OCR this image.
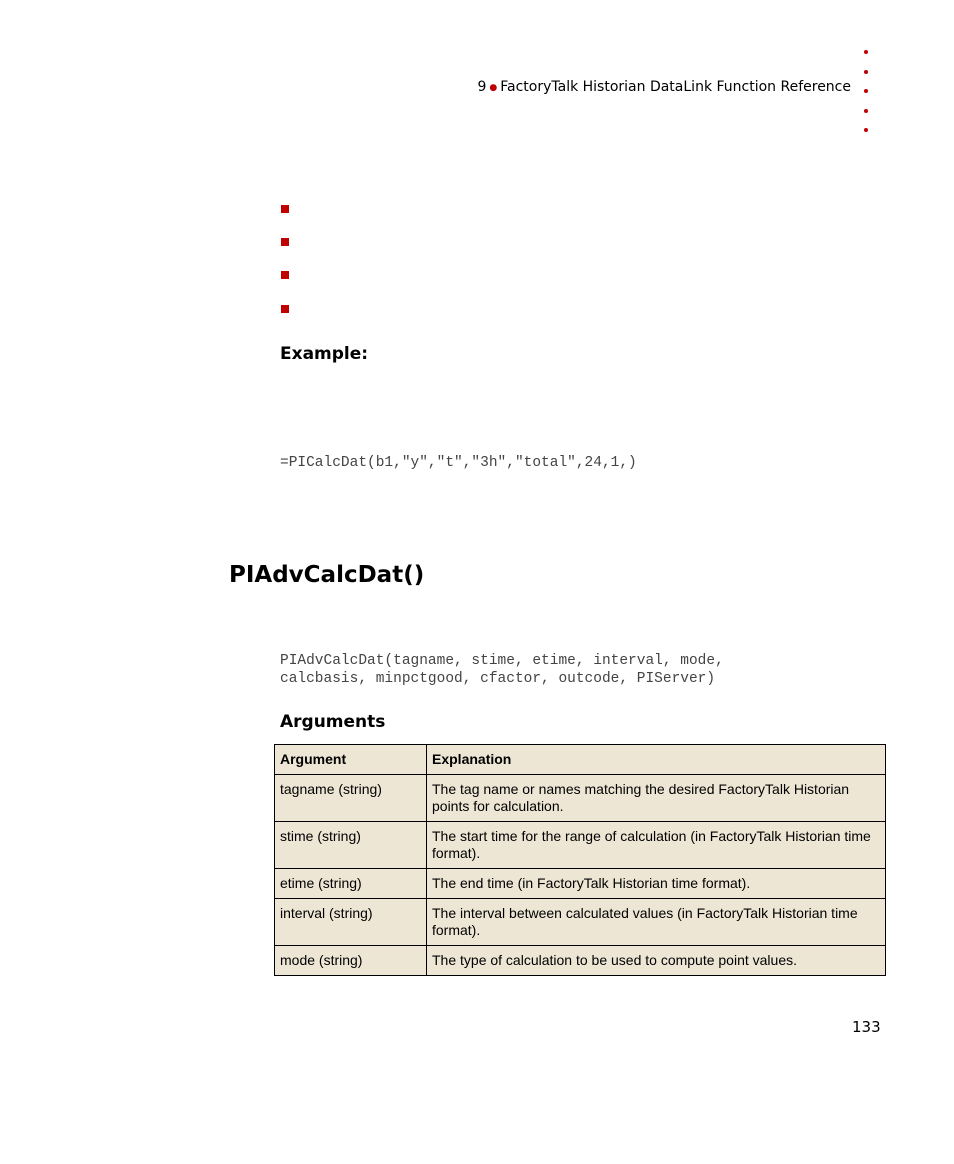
9 ● FactoryTalk Historian DataLink Function Reference
Example:
=PICalcDat(b1,"y","t","3h","total",24,1,)
PIAdvCalcDat()
PIAdvCalcDat(tagname, stime, etime, interval, mode,
calcbasis, minpctgood, cfactor, outcode, PIServer)
Arguments
Argument	Explanation
tagname (string)	The tag name or names matching the desired FactoryTalk Historian points for calculation.
stime (string)	The start time for the range of calculation (in FactoryTalk Historian time format).
etime (string)	The end time (in FactoryTalk Historian time format).
interval (string)	The interval between calculated values (in FactoryTalk Historian time format).
mode (string)	The type of calculation to be used to compute point values.
133
